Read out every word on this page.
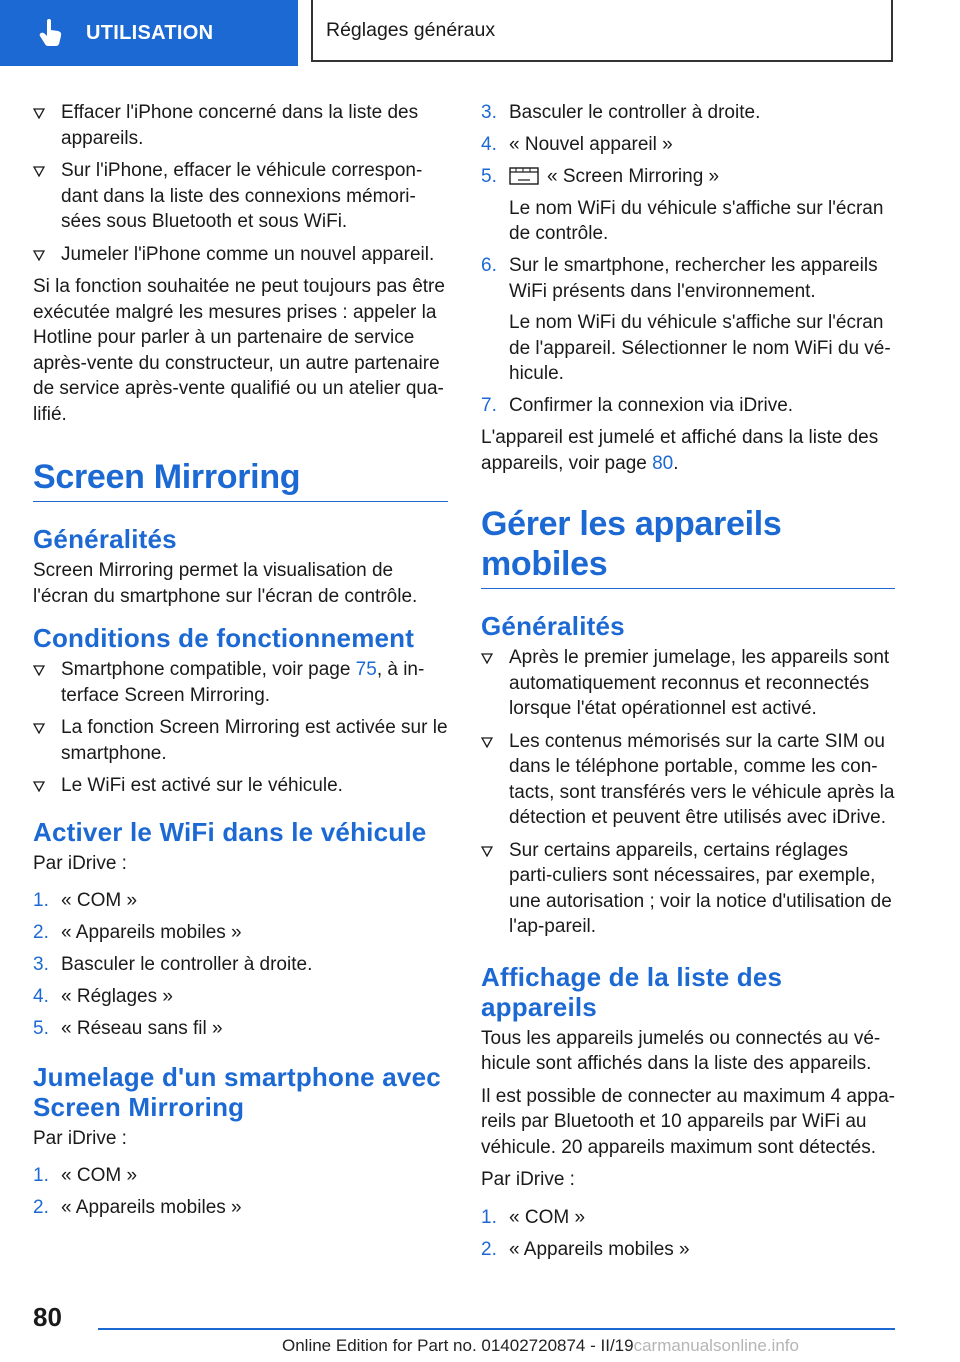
UTILISATION	Réglages généraux
Effacer l'iPhone concerné dans la liste des appareils.
Sur l'iPhone, effacer le véhicule correspon-dant dans la liste des connexions mémori-sées sous Bluetooth et sous WiFi.
Jumeler l'iPhone comme un nouvel appareil.

Si la fonction souhaitée ne peut toujours pas être exécutée malgré les mesures prises : appeler la Hotline pour parler à un partenaire de service après-vente du constructeur, un autre partenaire de service après-vente qualifié ou un atelier qua-lifié.

Screen Mirroring
Généralités

Screen Mirroring permet la visualisation de l'écran du smartphone sur l'écran de contrôle.

Conditions de fonctionnement
Smartphone compatible, voir page 75, à in-terface Screen Mirroring.
La fonction Screen Mirroring est activée sur le smartphone.
Le WiFi est activé sur le véhicule.
Activer le WiFi dans le véhicule

Par iDrive :

1. « COM »
2. « Appareils mobiles »
3. Basculer le controller à droite.
4. « Réglages »
5. « Réseau sans fil »
Jumelage d'un smartphone avec Screen Mirroring

Par iDrive :

1. « COM »
2. « Appareils mobiles »
3. Basculer le controller à droite.
4. « Nouvel appareil »
5.	« Screen Mirroring »
Le nom WiFi du véhicule s'affiche sur l'écran de contrôle.
6. Sur le smartphone, rechercher les appareils WiFi présents dans l'environnement.
Le nom WiFi du véhicule s'affiche sur l'écran de l'appareil. Sélectionner le nom WiFi du vé-hicule.
7. Confirmer la connexion via iDrive.

L'appareil est jumelé et affiché dans la liste des appareils, voir page 80.

Gérer les appareils mobiles
Généralités
Après le premier jumelage, les appareils sont automatiquement reconnus et reconnectés lorsque l'état opérationnel est activé.
Les contenus mémorisés sur la carte SIM ou dans le téléphone portable, comme les con-tacts, sont transférés vers le véhicule après la détection et peuvent être utilisés avec iDrive.
Sur certains appareils, certains réglages parti-culiers sont nécessaires, par exemple, une autorisation ; voir la notice d'utilisation de l'ap-pareil.
Affichage de la liste des appareils

Tous les appareils jumelés ou connectés au vé-hicule sont affichés dans la liste des appareils.

Il est possible de connecter au maximum 4 appa-reils par Bluetooth et 10 appareils par WiFi au véhicule. 20 appareils maximum sont détectés.

Par iDrive :

1. « COM »
2. « Appareils mobiles »
80
Online Edition for Part no. 01402720874 - II/19carmanualsonline.info
